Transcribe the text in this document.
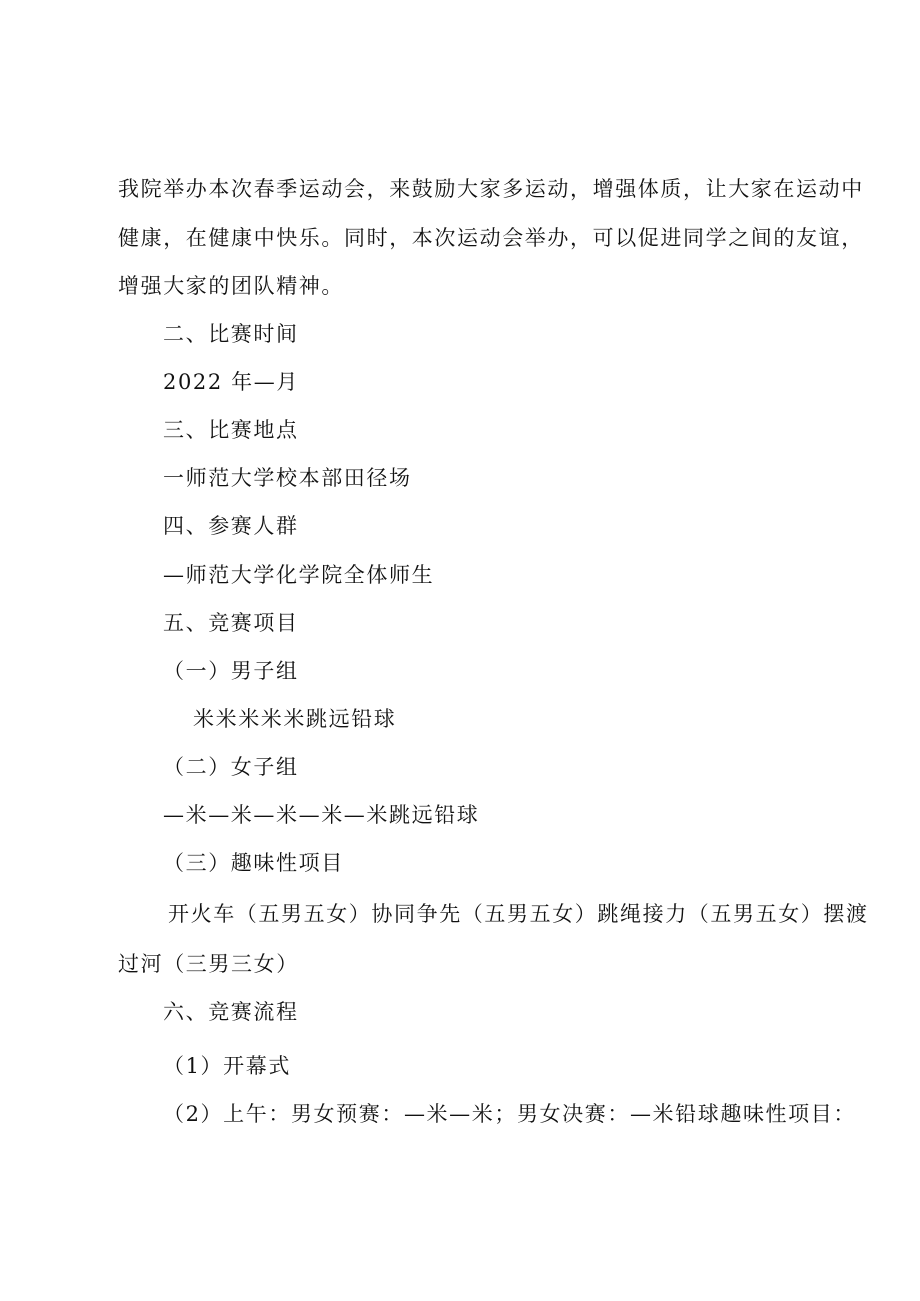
我院举办本次春季运动会，来鼓励大家多运动，增强体质，让大家在运动中
健康，在健康中快乐。同时，本次运动会举办，可以促进同学之间的友谊，
增强大家的团队精神。
二、比赛时间
2022 年—月
三、比赛地点
一师范大学校本部田径场
四、参赛人群
—师范大学化学院全体师生
五、竞赛项目
（一）男子组
米米米米米跳远铅球
（二）女子组
—米—米—米—米—米跳远铅球
（三）趣味性项目
开火车（五男五女）协同争先（五男五女）跳绳接力（五男五女）摆渡
过河（三男三女）
六、竞赛流程
（1）开幕式
（2）上午：男女预赛：—米—米；男女决赛：—米铅球趣味性项目：
